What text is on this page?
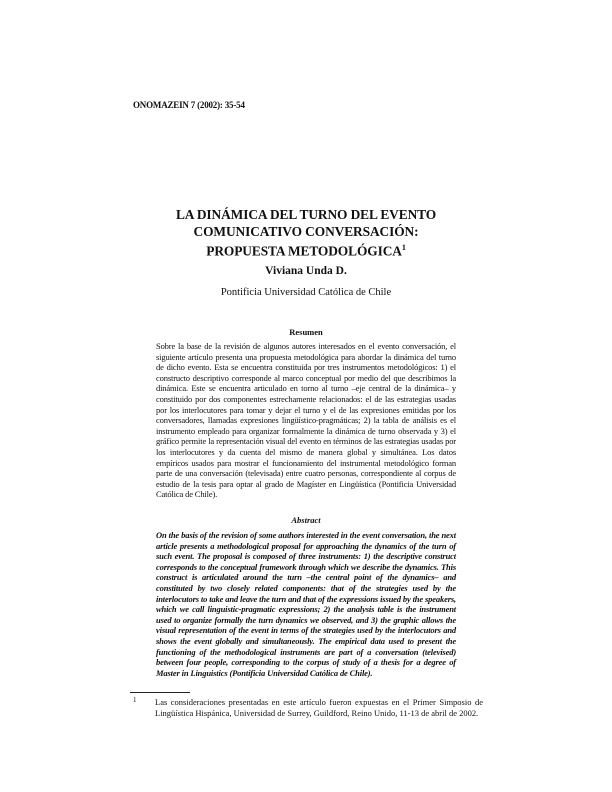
ONOMAZEIN 7 (2002): 35-54
LA DINÁMICA DEL TURNO DEL EVENTO
COMUNICATIVO CONVERSACIÓN:
PROPUESTA METODOLÓGICA$^1$
Viviana Unda D.
Pontificia Universidad Católica de Chile
Resumen
Sobre la base de la revisión de algunos autores interesados en el evento conversación, el siguiente artículo presenta una propuesta metodológica para abordar la dinámica del turno de dicho evento. Esta se encuentra constituida por tres instrumentos metodológicos: 1) el constructo descriptivo corresponde al marco conceptual por medio del que describimos la dinámica. Este se encuentra articulado en torno al turno –eje central de la dinámica– y constituido por dos componentes estrechamente relacionados: el de las estrategias usadas por los interlocutores para tomar y dejar el turno y el de las expresiones emitidas por los conversadores, llamadas expresiones lingüístico-pragmáticas; 2) la tabla de análisis es el instrumento empleado para organizar formalmente la dinámica de turno observada y 3) el gráfico permite la representación visual del evento en términos de las estrategias usadas por los interlocutores y da cuenta del mismo de manera global y simultánea. Los datos empíricos usados para mostrar el funcionamiento del instrumental metodológico forman parte de una conversación (televisada) entre cuatro personas, correspondiente al corpus de estudio de la tesis para optar al grado de Magíster en Lingüística (Pontificia Universidad Católica de Chile).
Abstract
On the basis of the revision of some authors interested in the event conversation, the next article presents a methodological proposal for approaching the dynamics of the turn of such event. The proposal is composed of three instruments: 1) the descriptive construct corresponds to the conceptual framework through which we describe the dynamics. This construct is articulated around the turn –the central point of the dynamics– and constituted by two closely related components: that of the strategies used by the interlocutors to take and leave the turn and that of the expressions issued by the speakers, which we call linguistic-pragmatic expressions; 2) the analysis table is the instrument used to organize formally the turn dynamics we observed, and 3) the graphic allows the visual representation of the event in terms of the strategies used by the interlocutors and shows the event globally and simultaneously. The empirical data used to present the functioning of the methodological instruments are part of a conversation (televised) between four people, corresponding to the corpus of study of a thesis for a degree of Master in Linguistics (Pontificia Universidad Católica de Chile).
1 Las consideraciones presentadas en este artículo fueron expuestas en el Primer Simposio de Lingüística Hispánica, Universidad de Surrey, Guildford, Reino Unido, 11-13 de abril de 2002.
